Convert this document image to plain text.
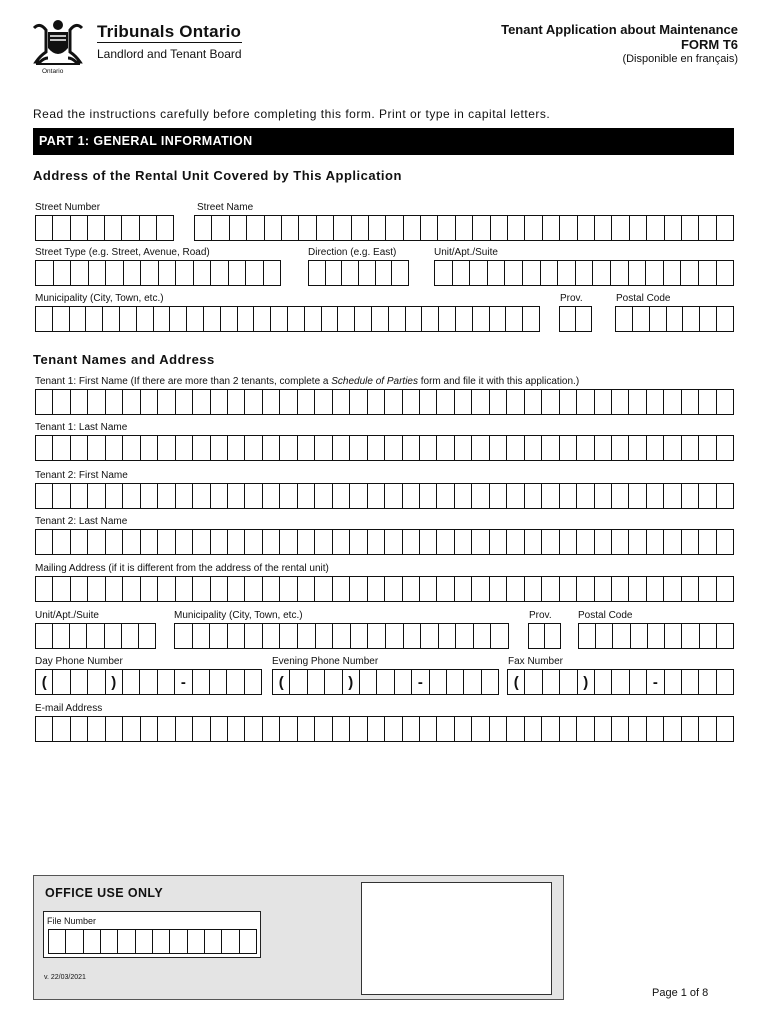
Ontario
Tribunals Ontario
Landlord and Tenant Board
Tenant Application about Maintenance
FORM T6
(Disponible en français)
Read the instructions carefully before completing this form. Print or type in capital letters.
PART 1: GENERAL INFORMATION
Address of the Rental Unit Covered by This Application
Street Number	Street Name
Street Type (e.g. Street, Avenue, Road)	Direction (e.g. East)	Unit/Apt./Suite
Municipality (City, Town, etc.)	Prov.	Postal Code
Tenant Names and Address
Tenant 1: First Name (If there are more than 2 tenants, complete a Schedule of Parties form and file it with this application.)
Tenant 1: Last Name
Tenant 2: First Name
Tenant 2: Last Name
Mailing Address (if it is different from the address of the rental unit)
Unit/Apt./Suite	Municipality (City, Town, etc.)	Prov.	Postal Code
Day Phone Number	Evening Phone Number	Fax Number
(	)	-	(	)	-	(	)	-
E-mail Address
OFFICE USE ONLY
File Number
v. 22/03/2021
Page 1 of 8
